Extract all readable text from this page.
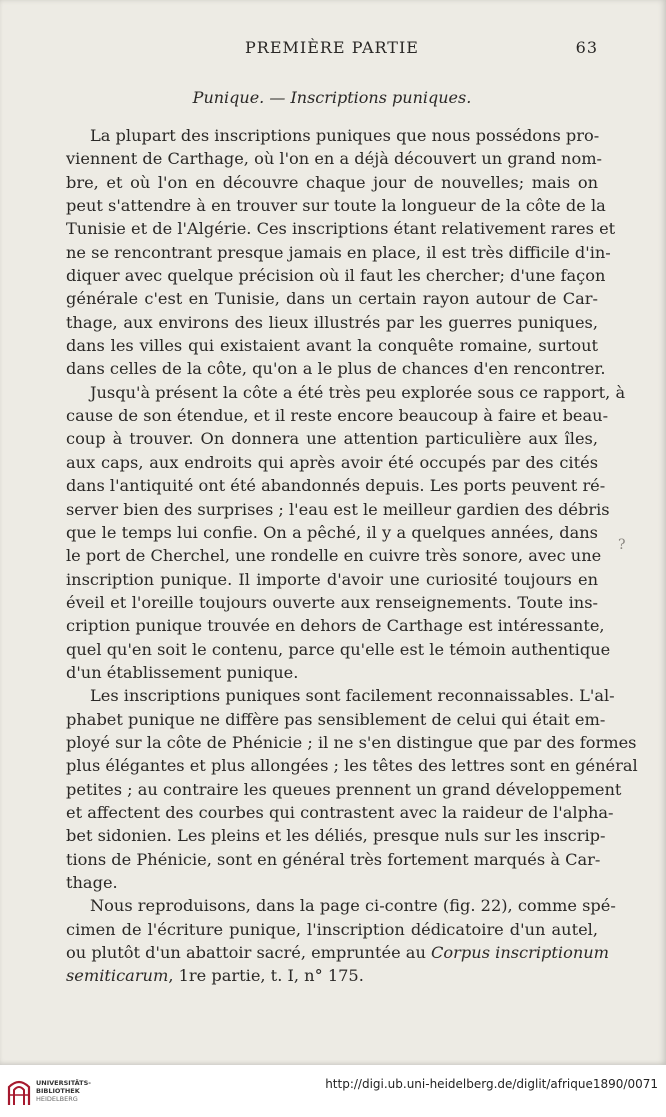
PREMIÈRE PARTIE	63
Punique. — Inscriptions puniques.
La plupart des inscriptions puniques que nous possédons pro-
viennent de Carthage, où l'on en a déjà découvert un grand nom-
bre, et où l'on en découvre chaque jour de nouvelles; mais on
peut s'attendre à en trouver sur toute la longueur de la côte de la
Tunisie et de l'Algérie. Ces inscriptions étant relativement rares et
ne se rencontrant presque jamais en place, il est très difficile d'in-
diquer avec quelque précision où il faut les chercher; d'une façon
générale c'est en Tunisie, dans un certain rayon autour de Car-
thage, aux environs des lieux illustrés par les guerres puniques,
dans les villes qui existaient avant la conquête romaine, surtout
dans celles de la côte, qu'on a le plus de chances d'en rencontrer.
Jusqu'à présent la côte a été très peu explorée sous ce rapport, à
cause de son étendue, et il reste encore beaucoup à faire et beau-
coup à trouver. On donnera une attention particulière aux îles,
aux caps, aux endroits qui après avoir été occupés par des cités
dans l'antiquité ont été abandonnés depuis. Les ports peuvent ré-
server bien des surprises ; l'eau est le meilleur gardien des débris
que le temps lui confie. On a pêché, il y a quelques années, dans
le port de Cherchel, une rondelle en cuivre très sonore, avec une
inscription punique. Il importe d'avoir une curiosité toujours en
éveil et l'oreille toujours ouverte aux renseignements. Toute ins-
cription punique trouvée en dehors de Carthage est intéressante,
quel qu'en soit le contenu, parce qu'elle est le témoin authentique
d'un établissement punique.
Les inscriptions puniques sont facilement reconnaissables. L'al-
phabet punique ne diffère pas sensiblement de celui qui était em-
ployé sur la côte de Phénicie ; il ne s'en distingue que par des formes
plus élégantes et plus allongées ; les têtes des lettres sont en général
petites ; au contraire les queues prennent un grand développement
et affectent des courbes qui contrastent avec la raideur de l'alpha-
bet sidonien. Les pleins et les déliés, presque nuls sur les inscrip-
tions de Phénicie, sont en général très fortement marqués à Car-
thage.
Nous reproduisons, dans la page ci-contre (fig. 22), comme spé-
cimen de l'écriture punique, l'inscription dédicatoire d'un autel,
ou plutôt d'un abattoir sacré, empruntée au Corpus inscriptionum
semiticarum, 1re partie, t. I, n° 175.
?
UNIVERSITÄTS-
BIBLIOTHEK
HEIDELBERG
http://digi.ub.uni-heidelberg.de/diglit/afrique1890/0071
